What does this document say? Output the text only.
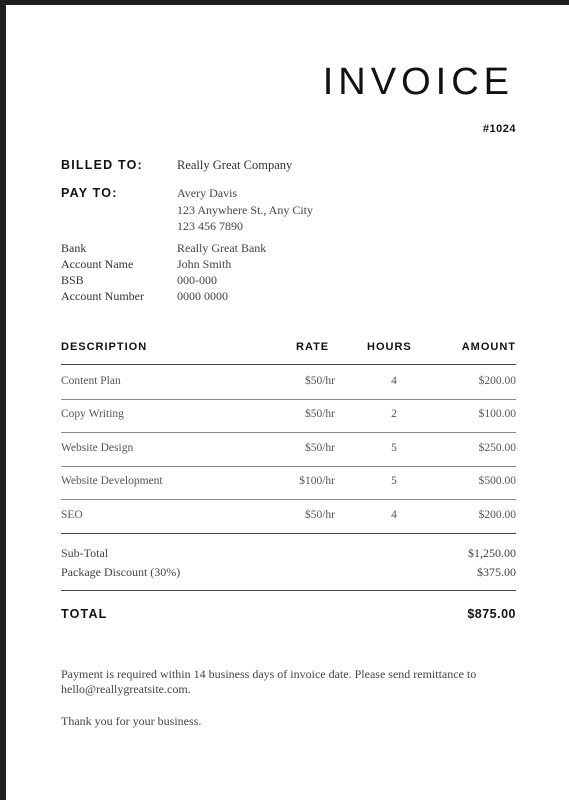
INVOICE
#1024
BILLED TO:	Really Great Company
PAY TO:	Avery Davis
123 Anywhere St., Any City
123 456 7890
Bank	Really Great Bank
Account Name	John Smith
BSB	000-000
Account Number	0000 0000
DESCRIPTION	RATE	HOURS	AMOUNT
Content Plan	$50/hr	4	$200.00
Copy Writing	$50/hr	2	$100.00
Website Design	$50/hr	5	$250.00
Website Development	$100/hr	5	$500.00
SEO	$50/hr	4	$200.00
Sub-Total	$1,250.00
Package Discount (30%)	$375.00
TOTAL	$875.00
Payment is required within 14 business days of invoice date. Please send remittance to hello@reallygreatsite.com.
Thank you for your business.
